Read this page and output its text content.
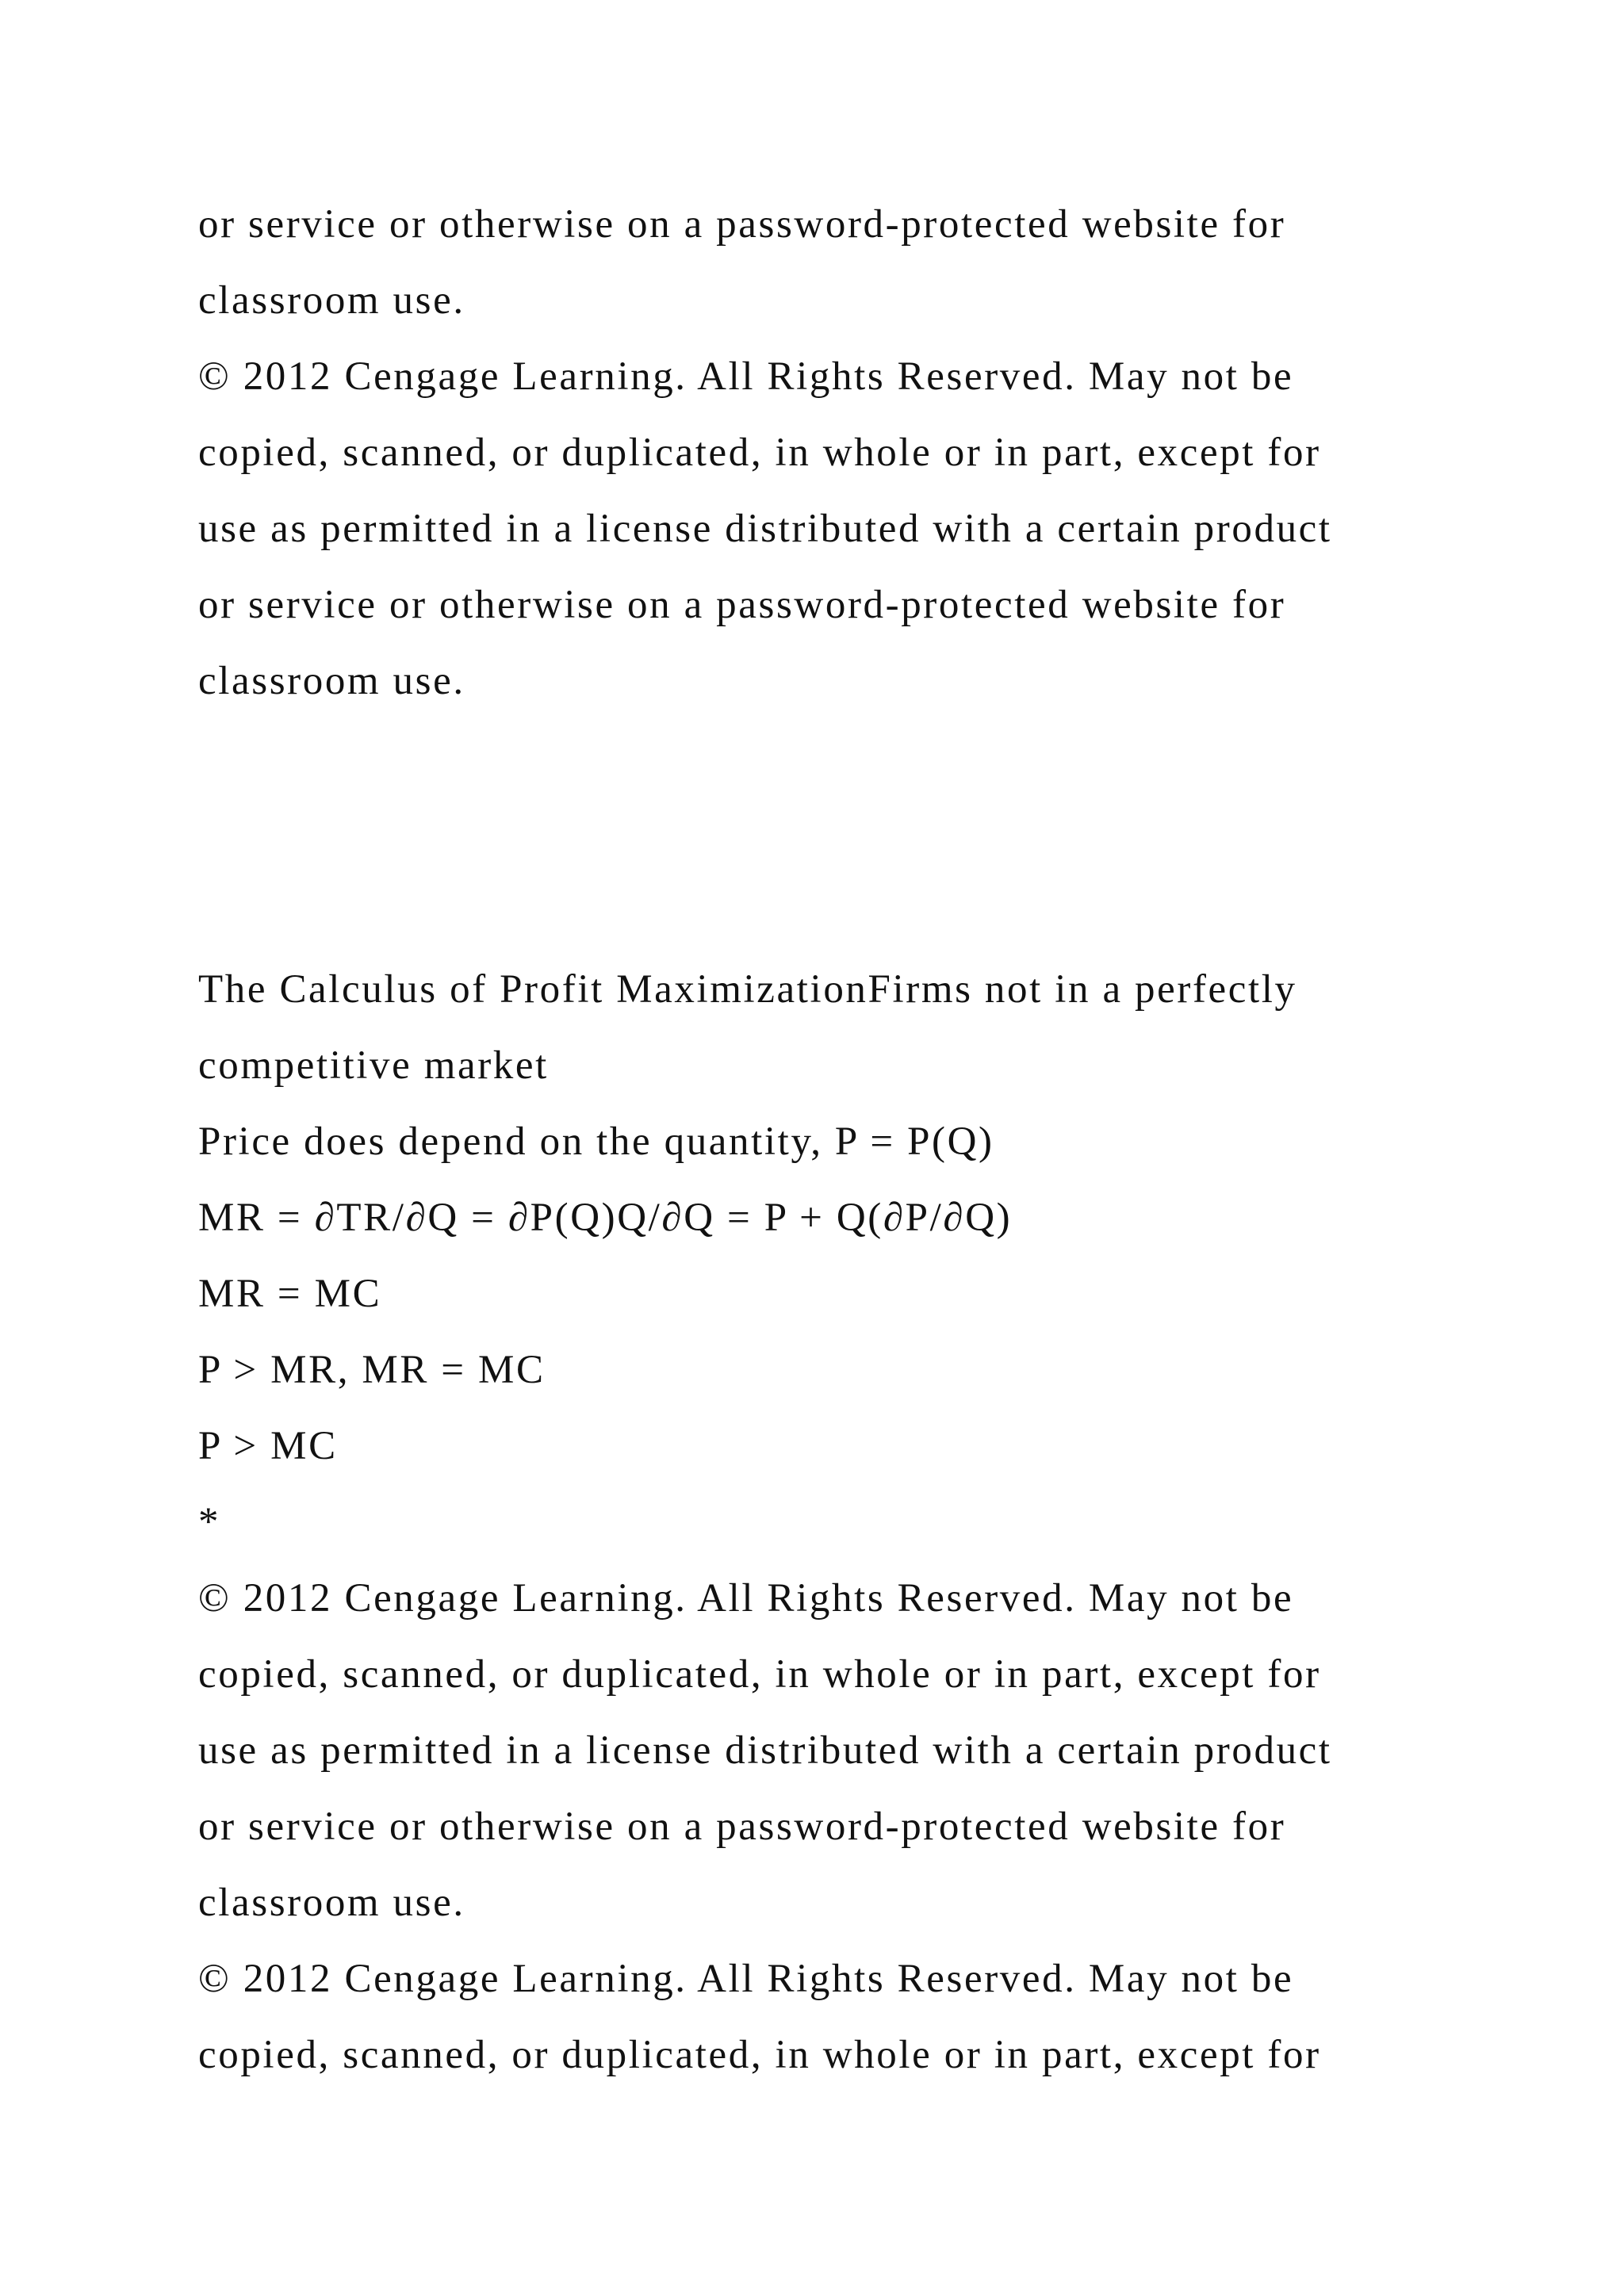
or service or otherwise on a password-protected website for
classroom use.
© 2012 Cengage Learning. All Rights Reserved. May not be
copied, scanned, or duplicated, in whole or in part, except for
use as permitted in a license distributed with a certain product
or service or otherwise on a password-protected website for
classroom use.
The Calculus of Profit MaximizationFirms not in a perfectly
competitive market
Price does depend on the quantity, P = P(Q)
MR = ∂TR/∂Q = ∂P(Q)Q/∂Q = P + Q(∂P/∂Q)
MR = MC
P > MR, MR = MC
P > MC
*
© 2012 Cengage Learning. All Rights Reserved. May not be
copied, scanned, or duplicated, in whole or in part, except for
use as permitted in a license distributed with a certain product
or service or otherwise on a password-protected website for
classroom use.
© 2012 Cengage Learning. All Rights Reserved. May not be
copied, scanned, or duplicated, in whole or in part, except for
